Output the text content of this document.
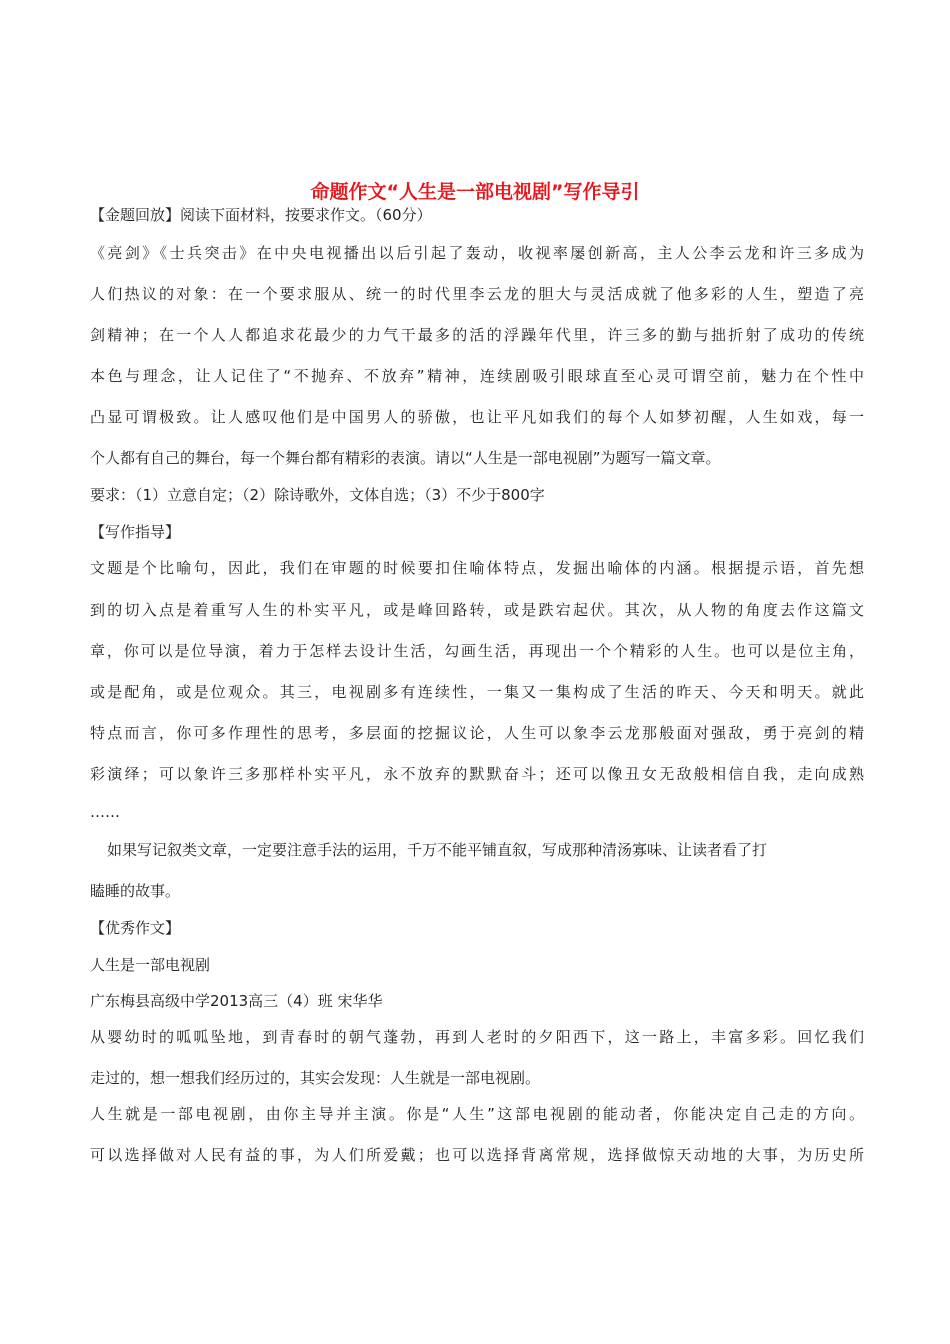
命题作文“人生是一部电视剧”写作导引
【金题回放】阅读下面材料，按要求作文。（60分）
《亮剑》《士兵突击》在中央电视播出以后引起了轰动，收视率屡创新高，主人公李云龙和许三多成为
人们热议的对象：在一个要求服从、统一的时代里李云龙的胆大与灵活成就了他多彩的人生，塑造了亮
剑精神；在一个人人都追求花最少的力气干最多的活的浮躁年代里，许三多的勤与拙折射了成功的传统
本色与理念，让人记住了“不抛弃、不放弃”精神，连续剧吸引眼球直至心灵可谓空前，魅力在个性中
凸显可谓极致。让人感叹他们是中国男人的骄傲，也让平凡如我们的每个人如梦初醒，人生如戏，每一
个人都有自己的舞台，每一个舞台都有精彩的表演。请以“人生是一部电视剧”为题写一篇文章。
要求：（1）立意自定；（2）除诗歌外，文体自选；（3）不少于800字
【写作指导】
文题是个比喻句，因此，我们在审题的时候要扣住喻体特点，发掘出喻体的内涵。根据提示语，首先想
到的切入点是着重写人生的朴实平凡，或是峰回路转，或是跌宕起伏。其次，从人物的角度去作这篇文
章，你可以是位导演，着力于怎样去设计生活，勾画生活，再现出一个个精彩的人生。也可以是位主角，
或是配角，或是位观众。其三，电视剧多有连续性，一集又一集构成了生活的昨天、今天和明天。就此
特点而言，你可多作理性的思考，多层面的挖掘议论，人生可以象李云龙那般面对强敌，勇于亮剑的精
彩演绎；可以象许三多那样朴实平凡，永不放弃的默默奋斗；还可以像丑女无敌般相信自我，走向成熟
……
如果写记叙类文章，一定要注意手法的运用，千万不能平铺直叙，写成那种清汤寡味、让读者看了打
瞌睡的故事。
【优秀作文】
人生是一部电视剧
广东梅县高级中学2013高三（4）班 宋华华
从婴幼时的呱呱坠地，到青春时的朝气蓬勃，再到人老时的夕阳西下，这一路上，丰富多彩。回忆我们
走过的，想一想我们经历过的，其实会发现：人生就是一部电视剧。
人生就是一部电视剧，由你主导并主演。你是“人生”这部电视剧的能动者，你能决定自己走的方向。
可以选择做对人民有益的事，为人们所爱戴；也可以选择背离常规，选择做惊天动地的大事，为历史所
